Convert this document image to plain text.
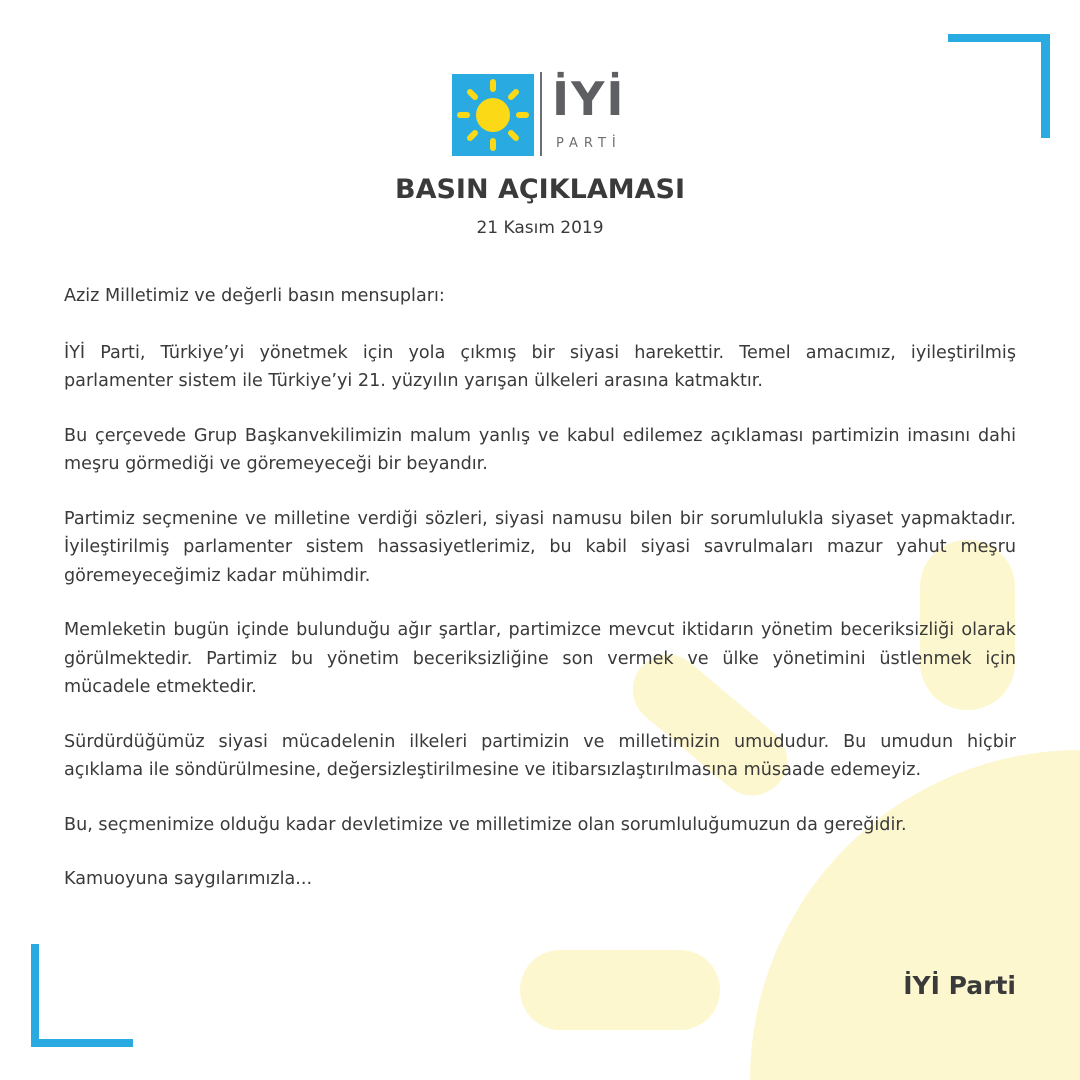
İYİ
PARTİ
BASIN AÇIKLAMASI
21 Kasım 2019

Aziz Milletimiz ve değerli basın mensupları:

İYİ Parti, Türkiye’yi yönetmek için yola çıkmış bir siyasi harekettir. Temel amacımız, iyileştirilmiş parlamenter sistem ile Türkiye’yi 21. yüzyılın yarışan ülkeleri arasına katmaktır.

Bu çerçevede Grup Başkanvekilimizin malum yanlış ve kabul edilemez açıklaması partimizin imasını dahi meşru görmediği ve göremeyeceği bir beyandır.

Partimiz seçmenine ve milletine verdiği sözleri, siyasi namusu bilen bir sorumlulukla siyaset yapmaktadır. İyileştirilmiş parlamenter sistem hassasiyetlerimiz, bu kabil siyasi savrulmaları mazur yahut meşru göremeyeceğimiz kadar mühimdir.

Memleketin bugün içinde bulunduğu ağır şartlar, partimizce mevcut iktidarın yönetim beceriksizliği olarak görülmektedir. Partimiz bu yönetim beceriksizliğine son vermek ve ülke yönetimini üstlenmek için mücadele etmektedir.

Sürdürdüğümüz siyasi mücadelenin ilkeleri partimizin ve milletimizin umududur. Bu umudun hiçbir açıklama ile söndürülmesine, değersizleştirilmesine ve itibarsızlaştırılmasına müsaade edemeyiz.

Bu, seçmenimize olduğu kadar devletimize ve milletimize olan sorumluluğumuzun da gereğidir.

Kamuoyuna saygılarımızla...

İYİ Parti
